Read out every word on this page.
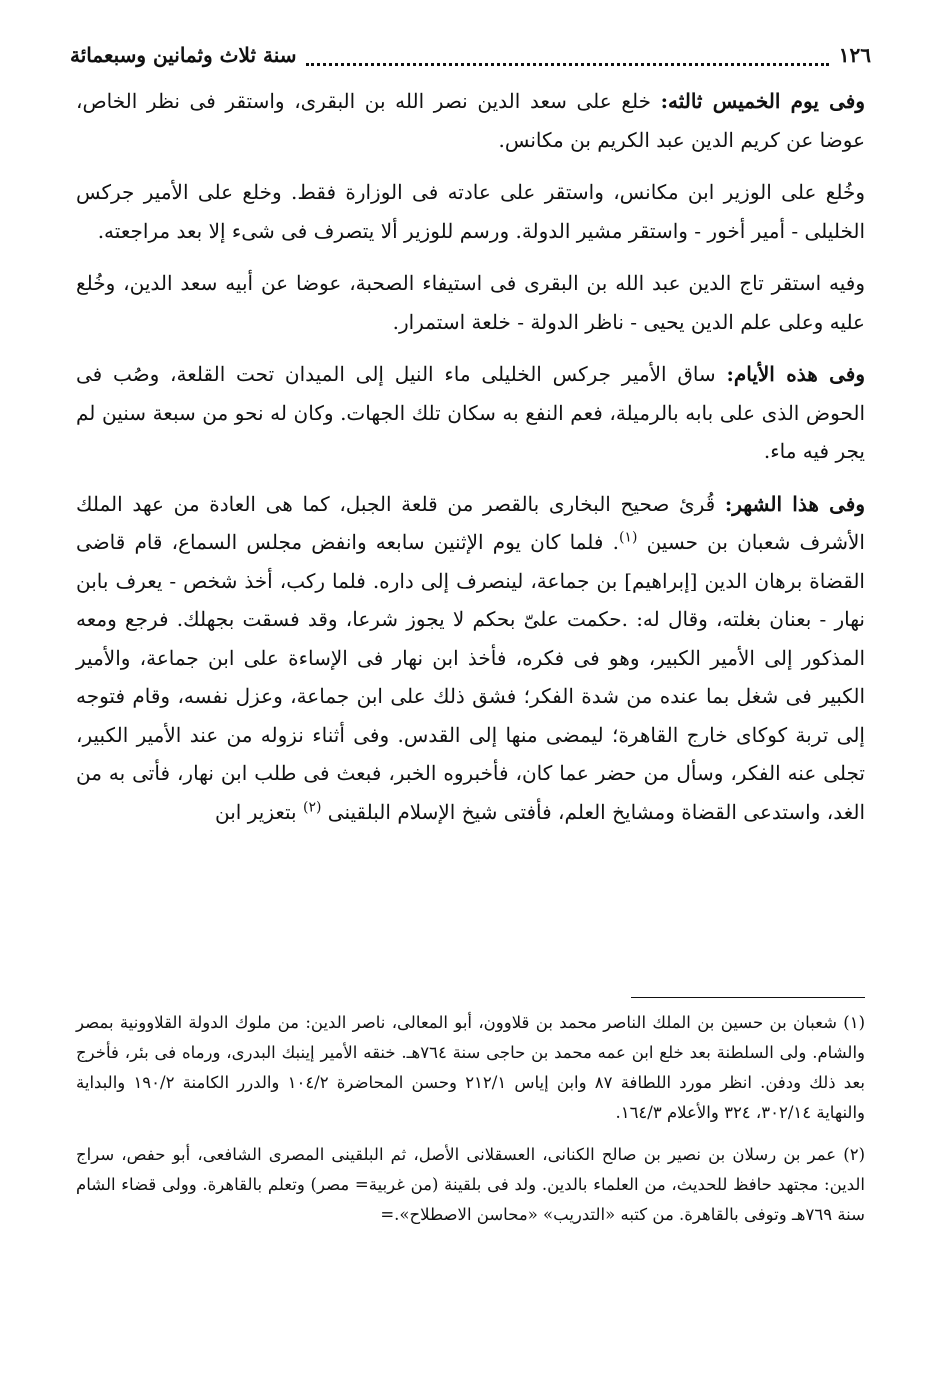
١٢٦
سنة ثلاث وثمانين وسبعمائة

وفى يوم الخميس ثالثه: خلع على سعد الدين نصر الله بن البقرى، واستقر فى نظر الخاص، عوضا عن كريم الدين عبد الكريم بن مكانس.

وخُلع على الوزير ابن مكانس، واستقر على عادته فى الوزارة فقط. وخلع على الأمير جركس الخليلى - أمير أخور - واستقر مشير الدولة. ورسم للوزير ألا يتصرف فى شىء إلا بعد مراجعته.

وفيه استقر تاج الدين عبد الله بن البقرى فى استيفاء الصحبة، عوضا عن أبيه سعد الدين، وخُلع عليه وعلى علم الدين يحيى - ناظر الدولة - خلعة استمرار.

وفى هذه الأيام: ساق الأمير جركس الخليلى ماء النيل إلى الميدان تحت القلعة، وصُب فى الحوض الذى على بابه بالرميلة، فعم النفع به سكان تلك الجهات. وكان له نحو من سبعة سنين لم يجر فيه ماء.

وفى هذا الشهر: قُرئ صحيح البخارى بالقصر من قلعة الجبل، كما هى العادة من عهد الملك الأشرف شعبان بن حسين $^{(١)}$. فلما كان يوم الإثنين سابعه وانفض مجلس السماع، قام قاضى القضاة برهان الدين [إبراهيم] بن جماعة، لينصرف إلى داره. فلما ركب، أخذ شخص - يعرف بابن نهار - بعنان بغلته، وقال له: .حكمت علىّ بحكم لا يجوز شرعا، وقد فسقت بجهلك. فرجع ومعه المذكور إلى الأمير الكبير، وهو فى فكره، فأخذ ابن نهار فى الإساءة على ابن جماعة، والأمير الكبير فى شغل بما عنده من شدة الفكر؛ فشق ذلك على ابن جماعة، وعزل نفسه، وقام فتوجه إلى تربة كوكاى خارج القاهرة؛ ليمضى منها إلى القدس. وفى أثناء نزوله من عند الأمير الكبير، تجلى عنه الفكر، وسأل من حضر عما كان، فأخبروه الخبر، فبعث فى طلب ابن نهار، فأتى به من الغد، واستدعى القضاة ومشايخ العلم، فأفتى شيخ الإسلام البلقينى $^{(٢)}$ بتعزير ابن

(١) شعبان بن حسين بن الملك الناصر محمد بن قلاوون، أبو المعالى، ناصر الدين: من ملوك الدولة القلاوونية بمصر والشام. ولى السلطنة بعد خلع ابن عمه محمد بن حاجى سنة ٧٦٤هـ. خنقه الأمير إينبك البدرى، ورماه فى بئر، فأخرج بعد ذلك ودفن. انظر مورد اللطافة ٨٧ وابن إياس ٢١٢/١ وحسن المحاضرة ١٠٤/٢ والدرر الكامنة ١٩٠/٢ والبداية والنهاية ٣٠٢/١٤، ٣٢٤ والأعلام ١٦٤/٣.

(٢) عمر بن رسلان بن نصير بن صالح الكنانى، العسقلانى الأصل، ثم البلقينى المصرى الشافعى، أبو حفص، سراج الدين: مجتهد حافظ للحديث، من العلماء بالدين. ولد فى بلقينة (من غربية= مصر) وتعلم بالقاهرة. وولى قضاء الشام سنة ٧٦٩هـ وتوفى بالقاهرة. من كتبه «التدريب» «محاسن الاصطلاح».=
